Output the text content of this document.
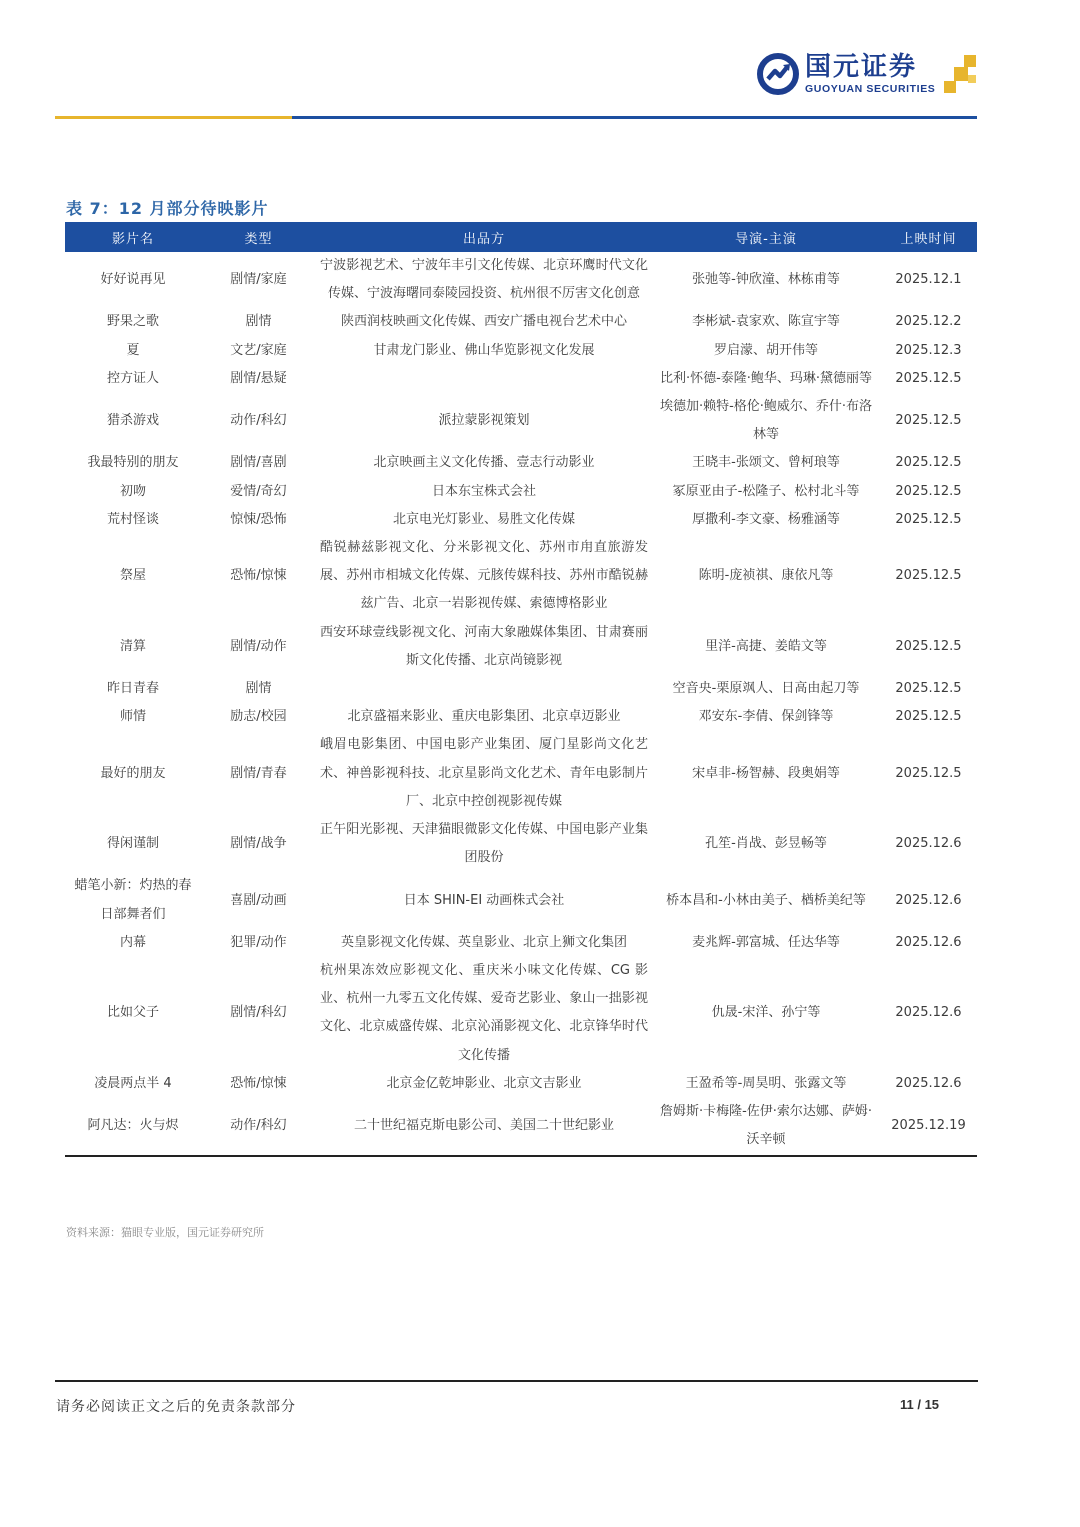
国元证券
GUOYUAN SECURITIES
表 7：12 月部分待映影片
影片名	类型	出品方	导演-主演	上映时间
好好说再见	剧情/家庭	宁波影视艺术、宁波年丰引文化传媒、北京环鹰时代文化传媒、宁波海曙同泰陵园投资、杭州很不厉害文化创意	张弛等-钟欣潼、林栋甫等	2025.12.1
野果之歌	剧情	陕西润枝映画文化传媒、西安广播电视台艺术中心	李彬斌-袁家欢、陈宣宇等	2025.12.2
夏	文艺/家庭	甘肃龙门影业、佛山华览影视文化发展	罗启濛、胡开伟等	2025.12.3
控方证人	剧情/悬疑		比利·怀德-泰隆·鲍华、玛琳·黛德丽等	2025.12.5
猎杀游戏	动作/科幻	派拉蒙影视策划	埃德加·赖特-格伦·鲍威尔、乔什·布洛林等	2025.12.5
我最特别的朋友	剧情/喜剧	北京映画主义文化传播、壹志行动影业	王晓丰-张颂文、曾柯琅等	2025.12.5
初吻	爱情/奇幻	日本东宝株式会社	冢原亚由子-松隆子、松村北斗等	2025.12.5
荒村怪谈	惊悚/恐怖	北京电光灯影业、易胜文化传媒	厚撒利-李文豪、杨雅涵等	2025.12.5
祭屋	恐怖/惊悚	酷锐赫兹影视文化、分米影视文化、苏州市甪直旅游发展、苏州市相城文化传媒、元胲传媒科技、苏州市酷锐赫兹广告、北京一岩影视传媒、索德博格影业	陈明-庞祯祺、康依凡等	2025.12.5
清算	剧情/动作	西安环球壹线影视文化、河南大象融媒体集团、甘肃赛丽斯文化传播、北京尚镜影视	里洋-高捷、姜皓文等	2025.12.5
昨日青春	剧情		空音央-栗原飒人、日高由起刀等	2025.12.5
师情	励志/校园	北京盛福来影业、重庆电影集团、北京卓迈影业	邓安东-李倩、保剑锋等	2025.12.5
最好的朋友	剧情/青春	峨眉电影集团、中国电影产业集团、厦门星影尚文化艺术、神兽影视科技、北京星影尚文化艺术、青年电影制片厂、北京中控创视影视传媒	宋卓非-杨智赫、段奥娟等	2025.12.5
得闲谨制	剧情/战争	正午阳光影视、天津猫眼微影文化传媒、中国电影产业集团股份	孔笙-肖战、彭昱畅等	2025.12.6
蜡笔小新：灼热的春日部舞者们	喜剧/动画	日本 SHIN-EI 动画株式会社	桥本昌和-小林由美子、楢桥美纪等	2025.12.6
内幕	犯罪/动作	英皇影视文化传媒、英皇影业、北京上狮文化集团	麦兆辉-郭富城、任达华等	2025.12.6
比如父子	剧情/科幻	杭州果冻效应影视文化、重庆米小味文化传媒、CG 影业、杭州一九零五文化传媒、爱奇艺影业、象山一拙影视文化、北京威盛传媒、北京沁涌影视文化、北京锋华时代文化传播	仇晟-宋洋、孙宁等	2025.12.6
凌晨两点半 4	恐怖/惊悚	北京金亿乾坤影业、北京文吉影业	王盈希等-周昊明、张露文等	2025.12.6
阿凡达：火与烬	动作/科幻	二十世纪福克斯电影公司、美国二十世纪影业	詹姆斯·卡梅隆-佐伊·索尔达娜、萨姆·沃辛顿	2025.12.19
资料来源：猫眼专业版，国元证券研究所
请务必阅读正文之后的免责条款部分	11 / 15
